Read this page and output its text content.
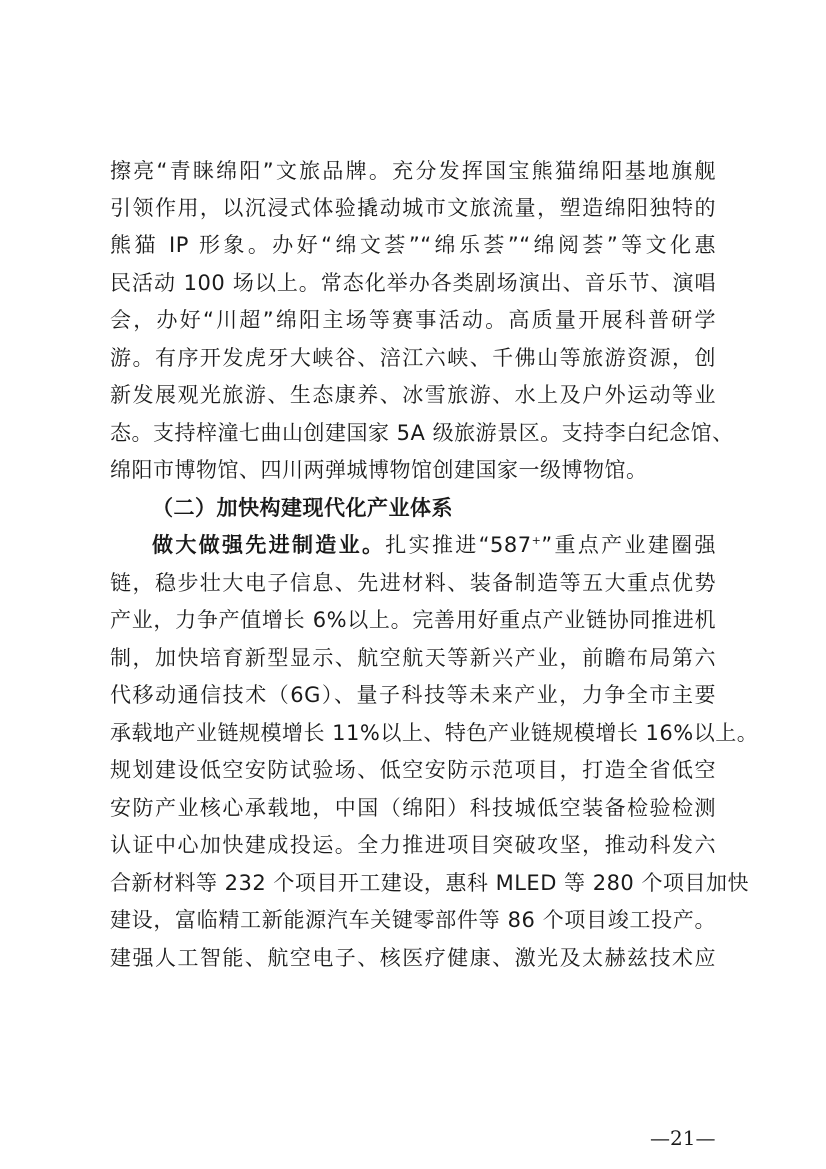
擦亮“青睐绵阳”文旅品牌。充分发挥国宝熊猫绵阳基地旗舰
引领作用，以沉浸式体验撬动城市文旅流量，塑造绵阳独特的
熊猫 IP 形象。办好“绵文荟”“绵乐荟”“绵阅荟”等文化惠
民活动 100 场以上。常态化举办各类剧场演出、音乐节、演唱
会，办好“川超”绵阳主场等赛事活动。高质量开展科普研学
游。有序开发虎牙大峡谷、涪江六峡、千佛山等旅游资源，创
新发展观光旅游、生态康养、冰雪旅游、水上及户外运动等业
态。支持梓潼七曲山创建国家 5A 级旅游景区。支持李白纪念馆、
绵阳市博物馆、四川两弹城博物馆创建国家一级博物馆。
（二）加快构建现代化产业体系
做大做强先进制造业。扎实推进“587+”重点产业建圈强
链，稳步壮大电子信息、先进材料、装备制造等五大重点优势
产业，力争产值增长 6%以上。完善用好重点产业链协同推进机
制，加快培育新型显示、航空航天等新兴产业，前瞻布局第六
代移动通信技术（6G）、量子科技等未来产业，力争全市主要
承载地产业链规模增长 11%以上、特色产业链规模增长 16%以上。
规划建设低空安防试验场、低空安防示范项目，打造全省低空
安防产业核心承载地，中国（绵阳）科技城低空装备检验检测
认证中心加快建成投运。全力推进项目突破攻坚，推动科发六
合新材料等 232 个项目开工建设，惠科 MLED 等 280 个项目加快
建设，富临精工新能源汽车关键零部件等 86 个项目竣工投产。
建强人工智能、航空电子、核医疗健康、激光及太赫兹技术应
—21—
